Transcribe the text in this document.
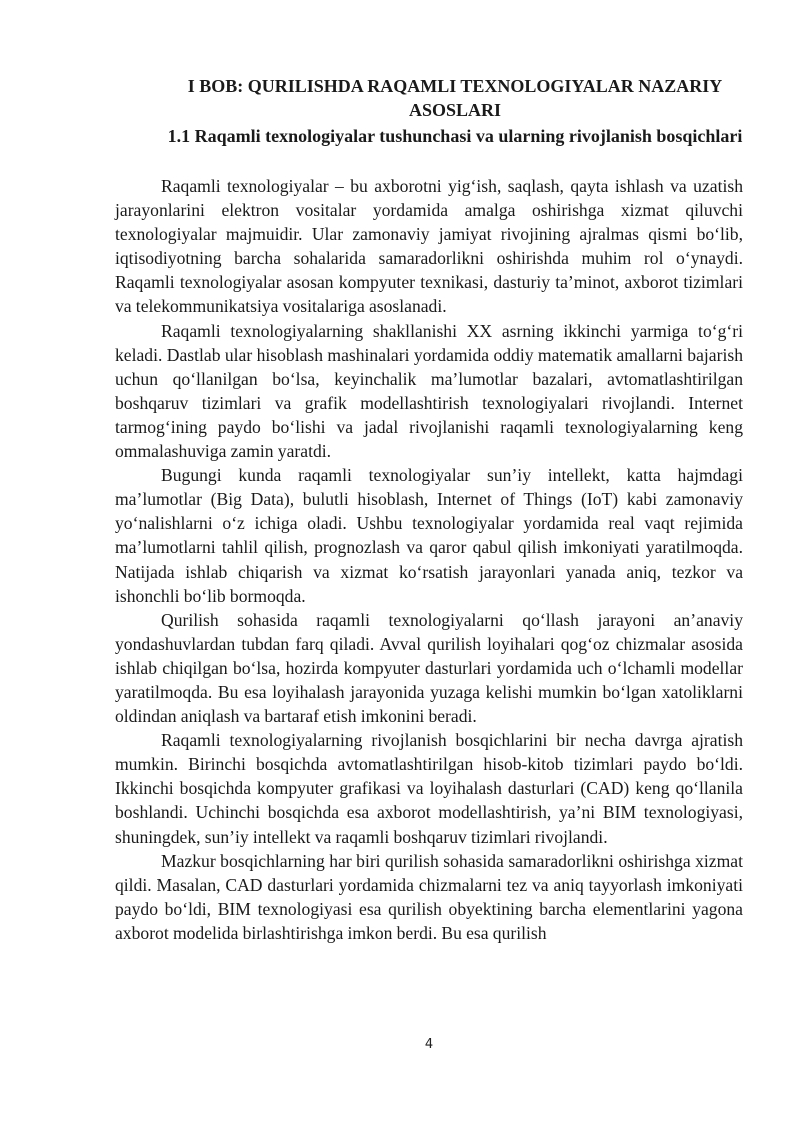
I BOB: QURILISHDA RAQAMLI TEXNOLOGIYALAR NAZARIY ASOSLARI
1.1 Raqamli texnologiyalar tushunchasi va ularning rivojlanish bosqichlari

Raqamli texnologiyalar – bu axborotni yig‘ish, saqlash, qayta ishlash va uzatish jarayonlarini elektron vositalar yordamida amalga oshirishga xizmat qiluvchi texnologiyalar majmuidir. Ular zamonaviy jamiyat rivojining ajralmas qismi bo‘lib, iqtisodiyotning barcha sohalarida samaradorlikni oshirishda muhim rol o‘ynaydi. Raqamli texnologiyalar asosan kompyuter texnikasi, dasturiy ta’minot, axborot tizimlari va telekommunikatsiya vositalariga asoslanadi.

Raqamli texnologiyalarning shakllanishi XX asrning ikkinchi yarmiga to‘g‘ri keladi. Dastlab ular hisoblash mashinalari yordamida oddiy matematik amallarni bajarish uchun qo‘llanilgan bo‘lsa, keyinchalik ma’lumotlar bazalari, avtomatlashtirilgan boshqaruv tizimlari va grafik modellashtirish texnologiyalari rivojlandi. Internet tarmog‘ining paydo bo‘lishi va jadal rivojlanishi raqamli texnologiyalarning keng ommalashuviga zamin yaratdi.

Bugungi kunda raqamli texnologiyalar sun’iy intellekt, katta hajmdagi ma’lumotlar (Big Data), bulutli hisoblash, Internet of Things (IoT) kabi zamonaviy yo‘nalishlarni o‘z ichiga oladi. Ushbu texnologiyalar yordamida real vaqt rejimida ma’lumotlarni tahlil qilish, prognozlash va qaror qabul qilish imkoniyati yaratilmoqda. Natijada ishlab chiqarish va xizmat ko‘rsatish jarayonlari yanada aniq, tezkor va ishonchli bo‘lib bormoqda.

Qurilish sohasida raqamli texnologiyalarni qo‘llash jarayoni an’anaviy yondashuvlardan tubdan farq qiladi. Avval qurilish loyihalari qog‘oz chizmalar asosida ishlab chiqilgan bo‘lsa, hozirda kompyuter dasturlari yordamida uch o‘lchamli modellar yaratilmoqda. Bu esa loyihalash jarayonida yuzaga kelishi mumkin bo‘lgan xatoliklarni oldindan aniqlash va bartaraf etish imkonini beradi.

Raqamli texnologiyalarning rivojlanish bosqichlarini bir necha davrga ajratish mumkin. Birinchi bosqichda avtomatlashtirilgan hisob-kitob tizimlari paydo bo‘ldi. Ikkinchi bosqichda kompyuter grafikasi va loyihalash dasturlari (CAD) keng qo‘llanila boshlandi. Uchinchi bosqichda esa axborot modellashtirish, ya’ni BIM texnologiyasi, shuningdek, sun’iy intellekt va raqamli boshqaruv tizimlari rivojlandi.

Mazkur bosqichlarning har biri qurilish sohasida samaradorlikni oshirishga xizmat qildi. Masalan, CAD dasturlari yordamida chizmalarni tez va aniq tayyorlash imkoniyati paydo bo‘ldi, BIM texnologiyasi esa qurilish obyektining barcha elementlarini yagona axborot modelida birlashtirishga imkon berdi. Bu esa qurilish

4
